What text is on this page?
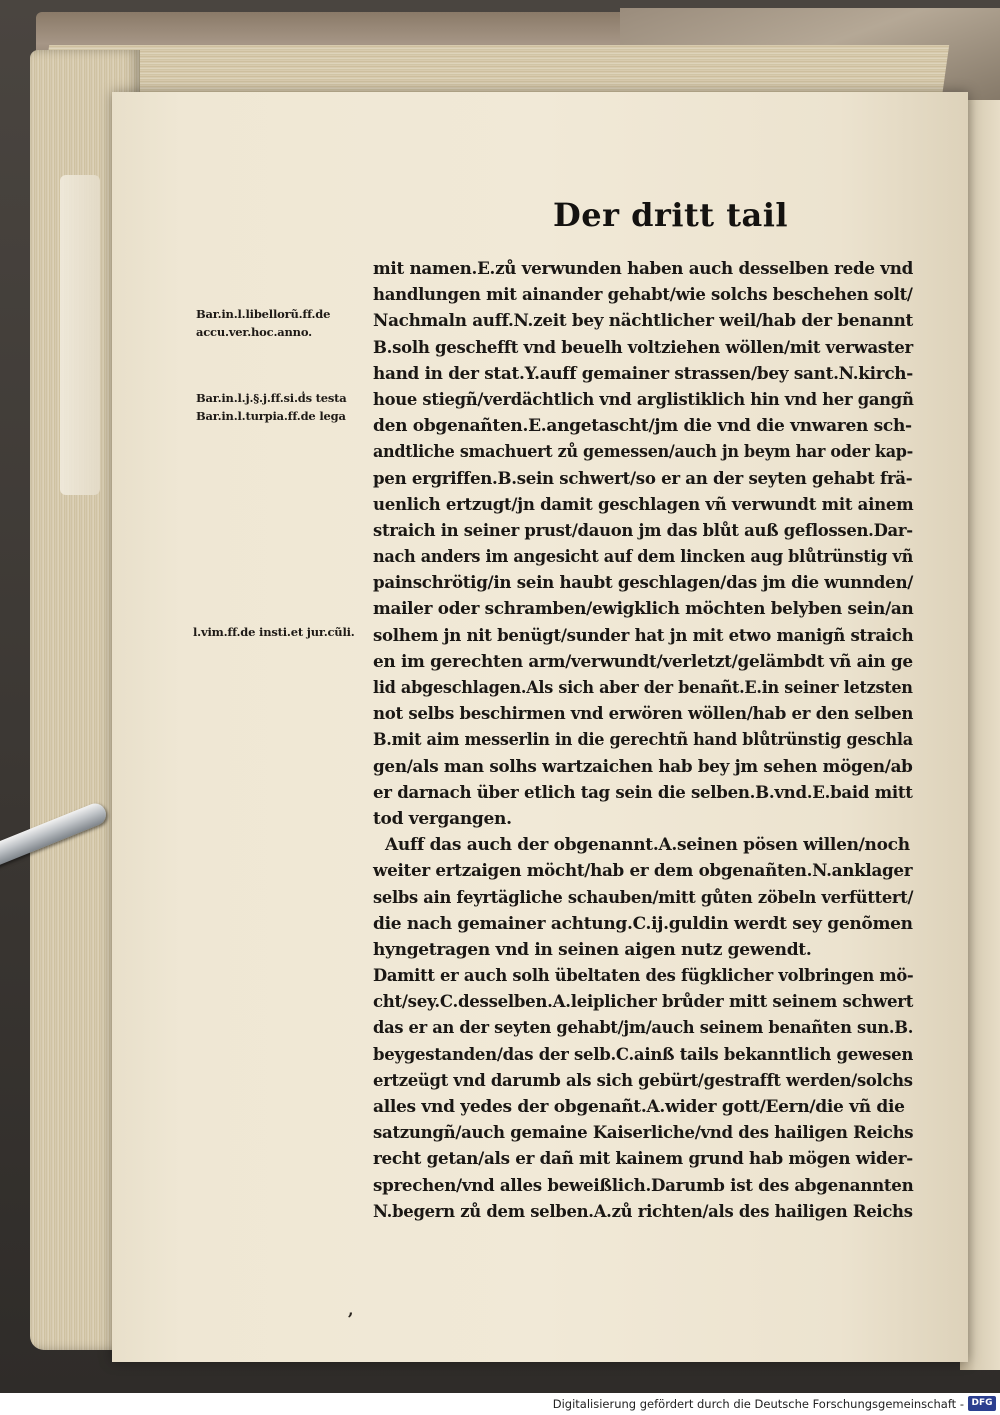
Der dritt tail
Bar.in.l.libellorũ.ff.de
accu.ver.hoc.anno.
Bar.in.l.j.§.j.ff.si.ḋs testa
Bar.in.l.turpia.ff.de lega
l.vim.ff.de insti.et jur.cũli.
mit namen.E.zů verwunden haben auch desselben rede vnd
handlungen mit ainander gehabt/wie solchs beschehen solt/
Nachmaln auff.N.zeit bey nächtlicher weil/hab der benannt
B.solh geschefft vnd beuelh voltziehen wöllen/mit verwaster
hand in der stat.Y.auff gemainer strassen/bey sant.N.kirch-
houe stiegñ/verdächtlich vnd arglistiklich hin vnd her gangñ
den obgenañten.E.angetascht/jm die vnd die vnwaren sch-
andtliche smachuert zů gemessen/auch jn beym har oder kap-
pen ergriffen.B.sein schwert/so er an der seyten gehabt frä-
uenlich ertzugt/jn damit geschlagen vñ verwundt mit ainem
straich in seiner prust/dauon jm das blůt auß geflossen.Dar-
nach anders im angesicht auf dem lincken aug blůtrünstig vñ
painschrötig/in sein haubt geschlagen/das jm die wunnden/
mailer oder schramben/ewigklich möchten belyben sein/an
solhem jn nit benügt/sunder hat jn mit etwo manigñ straich
en im gerechten arm/verwundt/verletzt/gelämbdt vñ ain ge
lid abgeschlagen.Als sich aber der benañt.E.in seiner letzsten
not selbs beschirmen vnd erwören wöllen/hab er den selben
B.mit aim messerlin in die gerechtñ hand blůtrünstig geschla
gen/als man solhs wartzaichen hab bey jm sehen mögen/ab
er darnach über etlich tag sein die selben.B.vnd.E.baid mitt
tod vergangen.
Auff das auch der obgenannt.A.seinen pösen willen/noch
weiter ertzaigen möcht/hab er dem obgenañten.N.anklager
selbs ain feyrtägliche schauben/mitt gůten zöbeln verfüttert/
die nach gemainer achtung.C.ij.guldin werdt sey genõmen
hyngetragen vnd in seinen aigen nutz gewendt.
Damitt er auch solh übeltaten des fügklicher volbringen mö-
cht/sey.C.desselben.A.leiplicher brůder mitt seinem schwert
das er an der seyten gehabt/jm/auch seinem benañten sun.B.
beygestanden/das der selb.C.ainß tails bekanntlich gewesen
ertzeügt vnd darumb als sich gebürt/gestrafft werden/solchs
alles vnd yedes der obgenañt.A.wider gott/Eern/die vñ die
satzungñ/auch gemaine Kaiserliche/vnd des hailigen Reichs
recht getan/als er dañ mit kainem grund hab mögen wider-
sprechen/vnd alles beweißlich.Darumb ist des abgenannten
N.begern zů dem selben.A.zů richten/als des hailigen Reichs
,
Digitalisierung gefördert durch die Deutsche Forschungsgemeinschaft - DFG
